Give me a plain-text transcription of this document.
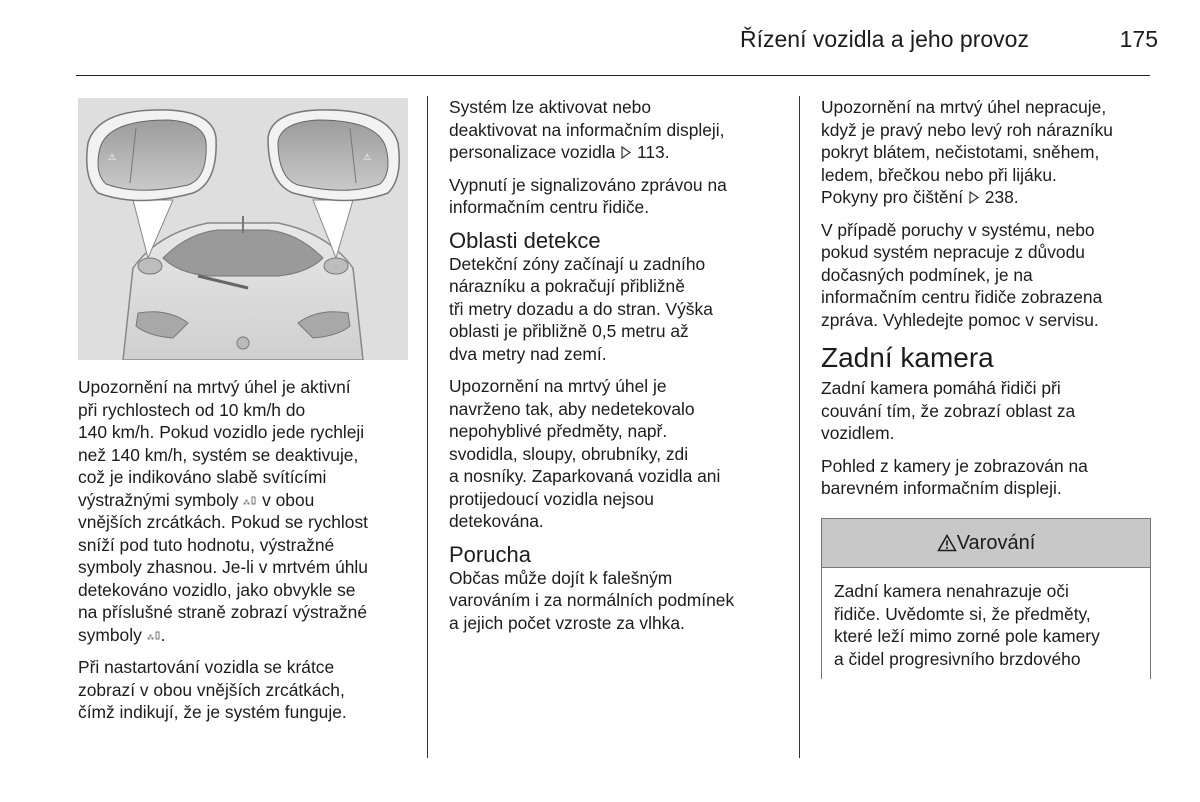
Řízení vozidla a jeho provoz	175
⚠	⚠

Upozornění na mrtvý úhel je aktivní
při rychlostech od 10 km/h do
140 km/h. Pokud vozidlo jede rychleji
než 140 km/h, systém se deaktivuje,
což je indikováno slabě svítícími
výstražnými symboly ⁂ v obou
vnějších zrcátkách. Pokud se rychlost
sníží pod tuto hodnotu, výstražné
symboly zhasnou. Je-li v mrtvém úhlu
detekováno vozidlo, jako obvykle se
na příslušné straně zobrazí výstražné
symboly ⁂ .

Při nastartování vozidla se krátce
zobrazí v obou vnějších zrcátkách,
čímž indikují, že je systém funguje.

Systém lze aktivovat nebo
deaktivovat na informačním displeji,
personalizace vozidla 113.

Vypnutí je signalizováno zprávou na
informačním centru řidiče.

Oblasti detekce

Detekční zóny začínají u zadního
nárazníku a pokračují přibližně
tři metry dozadu a do stran. Výška
oblasti je přibližně 0,5 metru až
dva metry nad zemí.

Upozornění na mrtvý úhel je
navrženo tak, aby nedetekovalo
nepohyblivé předměty, např.
svodidla, sloupy, obrubníky, zdi
a nosníky. Zaparkovaná vozidla ani
protijedoucí vozidla nejsou
detekována.

Porucha

Občas může dojít k falešným
varováním i za normálních podmínek
a jejich počet vzroste za vlhka.

Upozornění na mrtvý úhel nepracuje,
když je pravý nebo levý roh nárazníku
pokryt blátem, nečistotami, sněhem,
ledem, břečkou nebo při lijáku.
Pokyny pro čištění 238.

V případě poruchy v systému, nebo
pokud systém nepracuje z důvodu
dočasných podmínek, je na
informačním centru řidiče zobrazena
zpráva. Vyhledejte pomoc v servisu.

Zadní kamera

Zadní kamera pomáhá řidiči při
couvání tím, že zobrazí oblast za
vozidlem.

Pohled z kamery je zobrazován na
barevném informačním displeji.

Varování
Zadní kamera nenahrazuje oči
řidiče. Uvědomte si, že předměty,
které leží mimo zorné pole kamery
a čidel progresivního brzdového
